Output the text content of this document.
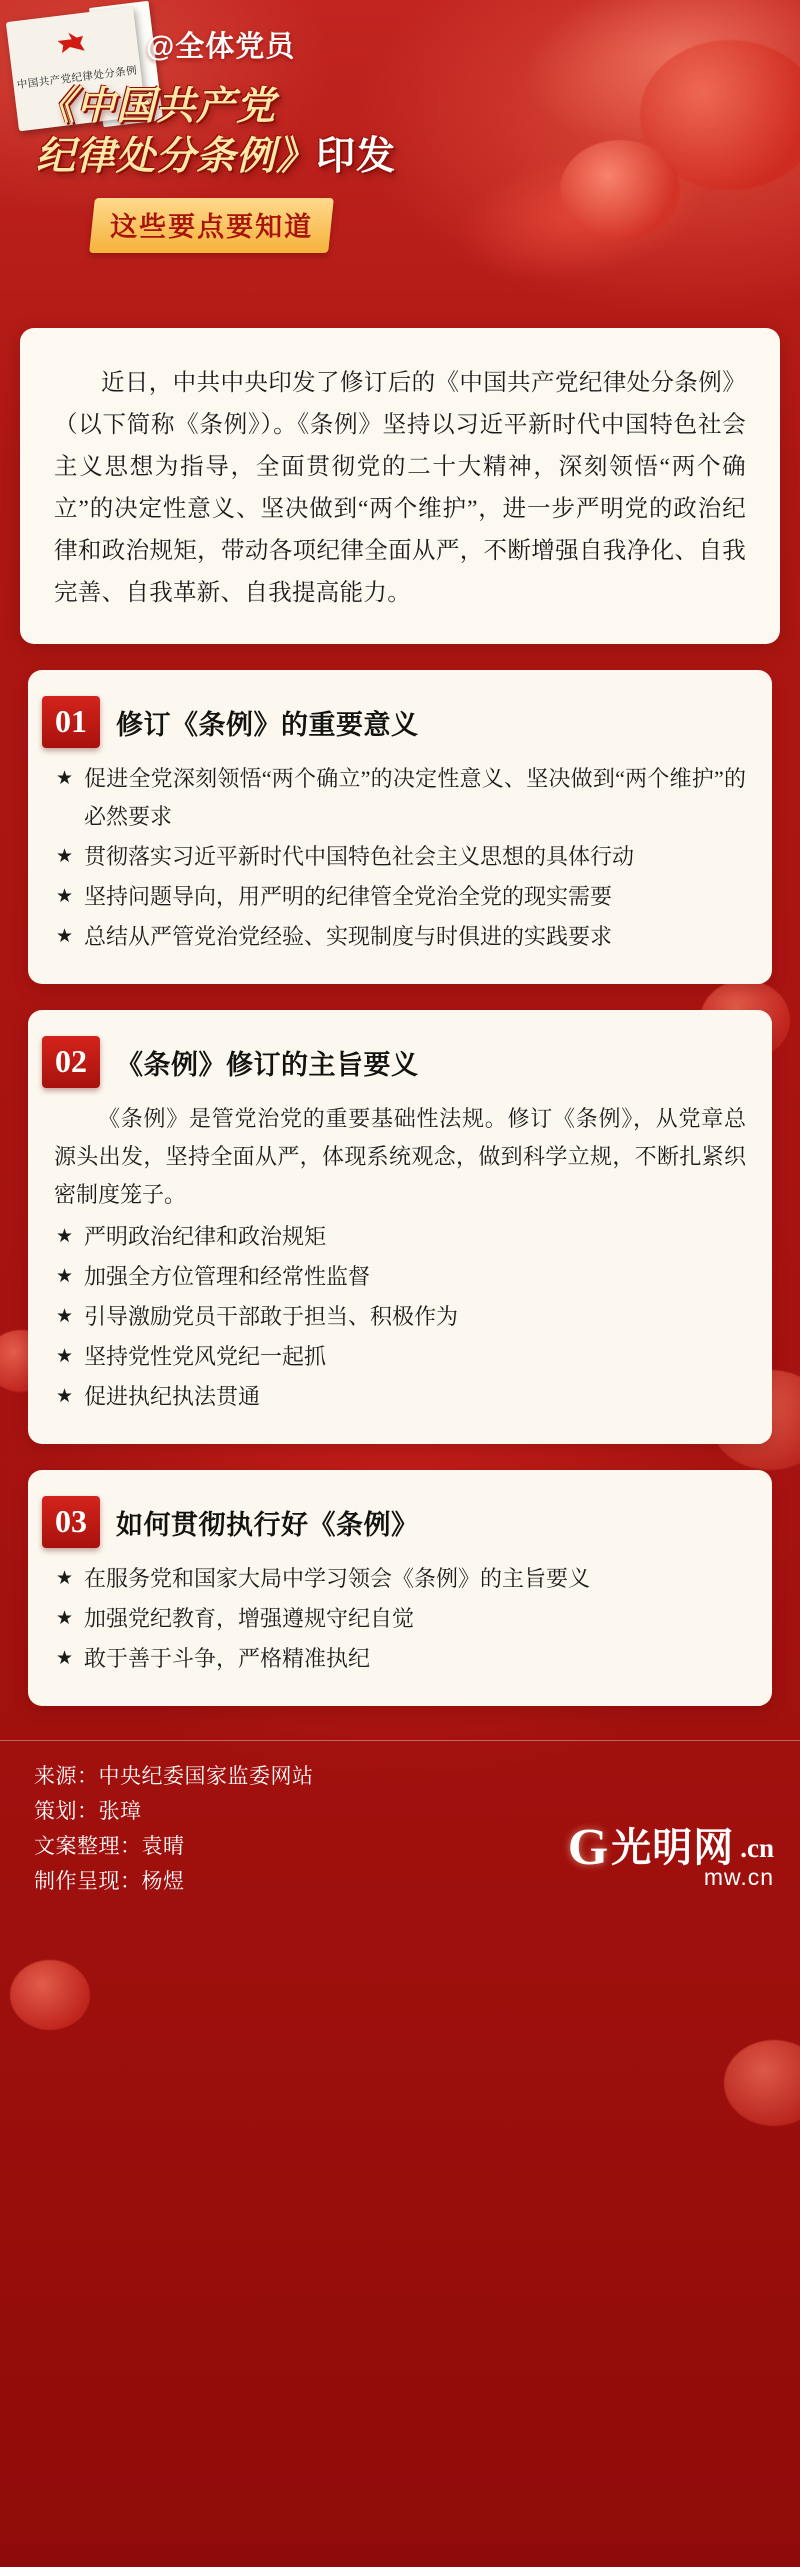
中国共产党纪律处分条例
@全体党员
《中国共产党
纪律处分条例》印发
这些要点要知道

近日，中共中央印发了修订后的《中国共产党纪律处分条例》（以下简称《条例》）。《条例》坚持以习近平新时代中国特色社会主义思想为指导，全面贯彻党的二十大精神，深刻领悟“两个确立”的决定性意义、坚决做到“两个维护”，进一步严明党的政治纪律和政治规矩，带动各项纪律全面从严，不断增强自我净化、自我完善、自我革新、自我提高能力。

01	修订《条例》的重要意义
★ 促进全党深刻领悟“两个确立”的决定性意义、坚决做到“两个维护”的必然要求
★ 贯彻落实习近平新时代中国特色社会主义思想的具体行动
★ 坚持问题导向，用严明的纪律管全党治全党的现实需要
★ 总结从严管党治党经验、实现制度与时俱进的实践要求
02	《条例》修订的主旨要义

《条例》是管党治党的重要基础性法规。修订《条例》，从党章总源头出发，坚持全面从严，体现系统观念，做到科学立规，不断扎紧织密制度笼子。

★ 严明政治纪律和政治规矩
★ 加强全方位管理和经常性监督
★ 引导激励党员干部敢于担当、积极作为
★ 坚持党性党风党纪一起抓
★ 促进执纪执法贯通
03	如何贯彻执行好《条例》
★ 在服务党和国家大局中学习领会《条例》的主旨要义
★ 加强党纪教育，增强遵规守纪自觉
★ 敢于善于斗争，严格精准执纪
来源：中央纪委国家监委网站
策划：张璋
文案整理：袁晴
制作呈现：杨煜
G 光明网 .cn
mw.cn
